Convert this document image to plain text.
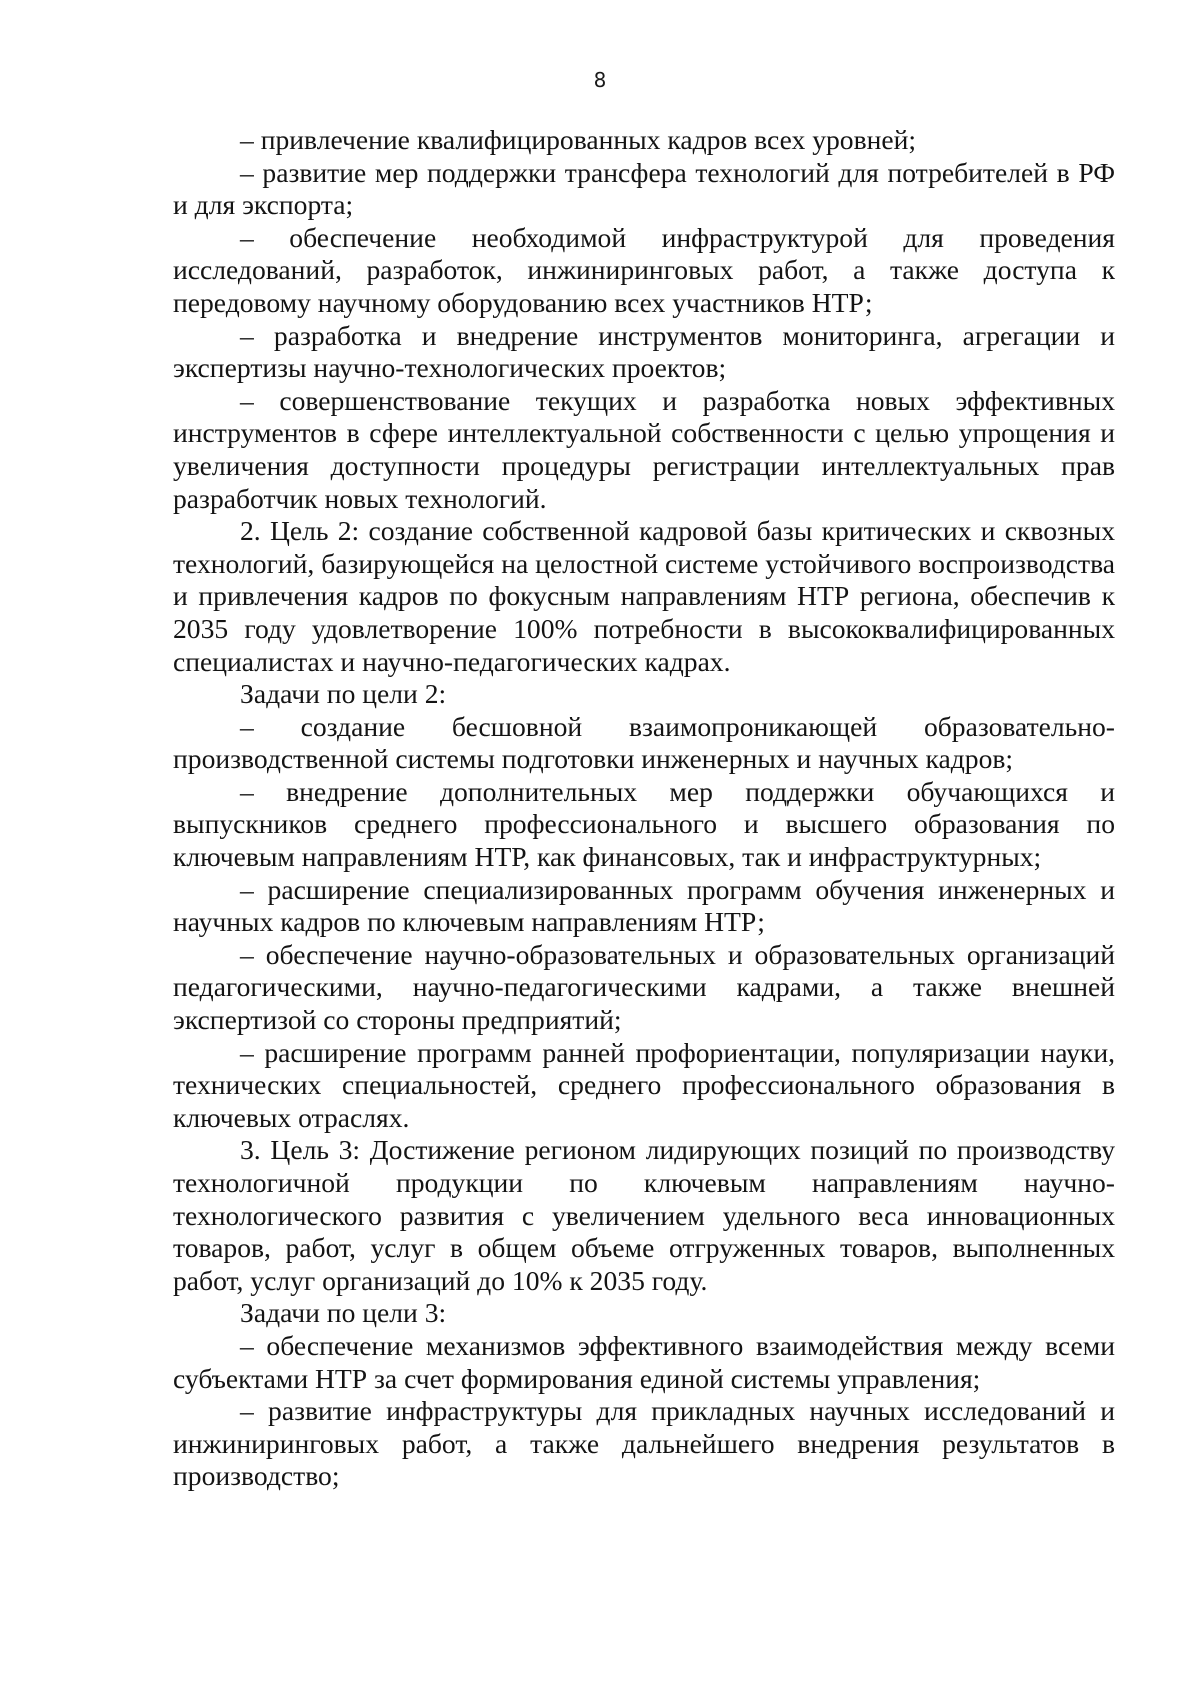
8

– привлечение квалифицированных кадров всех уровней;

– развитие мер поддержки трансфера технологий для потребителей в РФ и для экспорта;

– обеспечение необходимой инфраструктурой для проведения исследований, разработок, инжиниринговых работ, а также доступа к передовому научному оборудованию всех участников НТР;

– разработка и внедрение инструментов мониторинга, агрегации и экспертизы научно-технологических проектов;

– совершенствование текущих и разработка новых эффективных инструментов в сфере интеллектуальной собственности с целью упрощения и увеличения доступности процедуры регистрации интеллектуальных прав разработчик новых технологий.

2. Цель 2: создание собственной кадровой базы критических и сквозных технологий, базирующейся на целостной системе устойчивого воспроизводства и привлечения кадров по фокусным направлениям НТР региона, обеспечив к 2035 году удовлетворение 100% потребности в высококвалифицированных специалистах и научно-педагогических кадрах.

Задачи по цели 2:

– создание бесшовной взаимопроникающей образовательно-производственной системы подготовки инженерных и научных кадров;

– внедрение дополнительных мер поддержки обучающихся и выпускников среднего профессионального и высшего образования по ключевым направлениям НТР, как финансовых, так и инфраструктурных;

– расширение специализированных программ обучения инженерных и научных кадров по ключевым направлениям НТР;

– обеспечение научно-образовательных и образовательных организаций педагогическими, научно-педагогическими кадрами, а также внешней экспертизой со стороны предприятий;

– расширение программ ранней профориентации, популяризации науки, технических специальностей, среднего профессионального образования в ключевых отраслях.

3. Цель 3: Достижение регионом лидирующих позиций по производству технологичной продукции по ключевым направлениям научно-технологического развития с увеличением удельного веса инновационных товаров, работ, услуг в общем объеме отгруженных товаров, выполненных работ, услуг организаций до 10% к 2035 году.

Задачи по цели 3:

– обеспечение механизмов эффективного взаимодействия между всеми субъектами НТР за счет формирования единой системы управления;

– развитие инфраструктуры для прикладных научных исследований и инжиниринговых работ, а также дальнейшего внедрения результатов в производство;
